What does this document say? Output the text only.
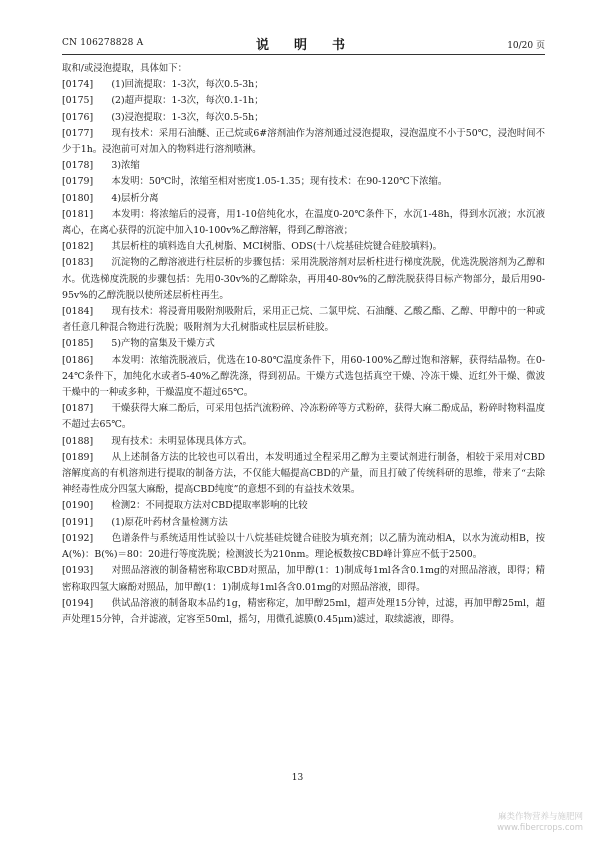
CN 106278828 A	说　明　书	10/20 页

取和/或浸泡提取，具体如下：

[0174]　(1)回流提取：1-3次，每次0.5-3h；

[0175]　(2)超声提取：1-3次，每次0.1-1h；

[0176]　(3)浸泡提取：1-3次，每次0.5-5h；

[0177]　现有技术：采用石油醚、正己烷或6#溶剂油作为溶剂通过浸泡提取，浸泡温度不小于50℃，浸泡时间不少于1h。浸泡前可对加入的物料进行溶剂喷淋。

[0178]　3)浓缩

[0179]　本发明：50℃时，浓缩至相对密度1.05-1.35；现有技术：在90-120℃下浓缩。

[0180]　4)层析分离

[0181]　本发明：将浓缩后的浸膏，用1-10倍纯化水，在温度0-20℃条件下，水沉1-48h，得到水沉液；水沉液离心，在离心获得的沉淀中加入10-100v%乙醇溶解，得到乙醇溶液；

[0182]　其层析柱的填料选自大孔树脂、MCI树脂、ODS(十八烷基硅烷键合硅胶填料)。

[0183]　沉淀物的乙醇溶液进行柱层析的步骤包括：采用洗脱溶剂对层析柱进行梯度洗脱，优选洗脱溶剂为乙醇和水。优选梯度洗脱的步骤包括：先用0-30v%的乙醇除杂，再用40-80v%的乙醇洗脱获得目标产物部分，最后用90-95v%的乙醇洗脱以使所述层析柱再生。

[0184]　现有技术：将浸膏用吸附剂吸附后，采用正己烷、二氯甲烷、石油醚、乙酸乙酯、乙醇、甲醇中的一种或者任意几种混合物进行洗脱；吸附剂为大孔树脂或柱层层析硅胶。

[0185]　5)产物的富集及干燥方式

[0186]　本发明：浓缩洗脱液后，优选在10-80℃温度条件下，用60-100%乙醇过饱和溶解，获得结晶物。在0-24℃条件下，加纯化水或者5-40%乙醇洗涤，得到初品。干燥方式选包括真空干燥、冷冻干燥、近红外干燥、微波干燥中的一种或多种，干燥温度不超过65℃。

[0187]　干燥获得大麻二酚后，可采用包括汽流粉碎、冷冻粉碎等方式粉碎，获得大麻二酚成品，粉碎时物料温度不超过去65℃。

[0188]　现有技术：未明显体现具体方式。

[0189]　从上述制备方法的比较也可以看出，本发明通过全程采用乙醇为主要试剂进行制备，相较于采用对CBD溶解度高的有机溶剂进行提取的制备方法，不仅能大幅提高CBD的产量，而且打破了传统科研的思维，带来了“去除神经毒性成分四氢大麻酚，提高CBD纯度”的意想不到的有益技术效果。

[0190]　检测2：不同提取方法对CBD提取率影响的比较

[0191]　(1)原花叶药材含量检测方法

[0192]　色谱条件与系统适用性试验以十八烷基硅烷键合硅胶为填充剂；以乙腈为流动相A，以水为流动相B，按A(%)：B(%)＝80：20进行等度洗脱；检测波长为210nm。理论板数按CBD峰计算应不低于2500。

[0193]　对照品溶液的制备精密称取CBD对照品，加甲醇(1：1)制成每1ml各含0.1mg的对照品溶液，即得；精密称取四氢大麻酚对照品，加甲醇(1：1)制成每1ml各含0.01mg的对照品溶液，即得。

[0194]　供试品溶液的制备取本品约1g，精密称定，加甲醇25ml，超声处理15分钟，过滤，再加甲醇25ml，超声处理15分钟，合并滤液，定容至50ml，摇匀，用微孔滤膜(0.45μm)滤过，取续滤液，即得。

13
麻类作物营养与施肥网
www.fibercrops.com
